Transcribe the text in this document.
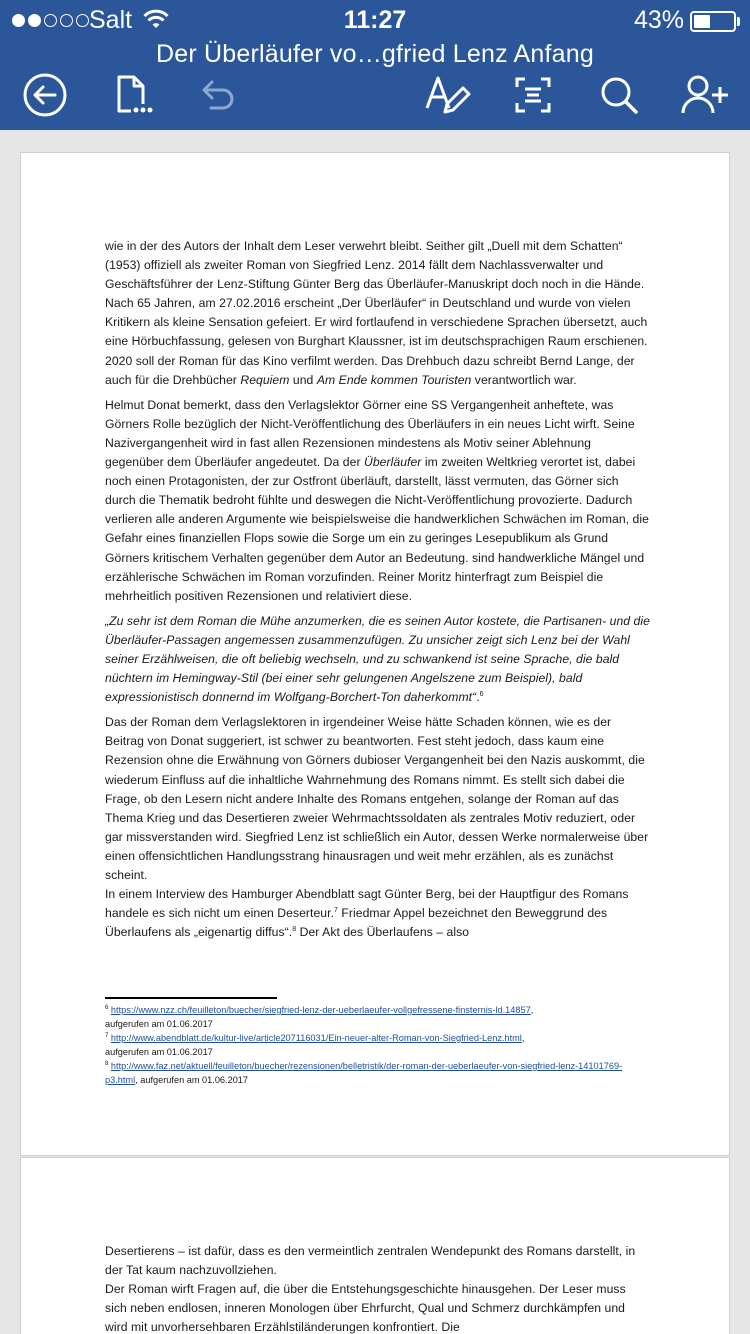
Salt	11:27	43%
Der Überläufer vo…gfried Lenz Anfang

wie in der des Autors der Inhalt dem Leser verwehrt bleibt. Seither gilt „Duell mit dem Schatten“ (1953) offiziell als zweiter Roman von Siegfried Lenz. 2014 fällt dem Nachlassverwalter und Geschäftsführer der Lenz-Stiftung Günter Berg das Überläufer-Manuskript doch noch in die Hände. Nach 65 Jahren, am 27.02.2016 erscheint „Der Überläufer“ in Deutschland und wurde von vielen Kritikern als kleine Sensation gefeiert. Er wird fortlaufend in verschiedene Sprachen übersetzt, auch eine Hörbuchfassung, gelesen von Burghart Klaussner, ist im deutschsprachigen Raum erschienen. 2020 soll der Roman für das Kino verfilmt werden. Das Drehbuch dazu schreibt Bernd Lange, der auch für die Drehbücher Requiem und Am Ende kommen Touristen verantwortlich war.

Helmut Donat bemerkt, dass den Verlagslektor Görner eine SS Vergangenheit anheftete, was Görners Rolle bezüglich der Nicht-Veröffentlichung des Überläufers in ein neues Licht wirft. Seine Nazivergangenheit wird in fast allen Rezensionen mindestens als Motiv seiner Ablehnung gegenüber dem Überläufer angedeutet. Da der Überläufer im zweiten Weltkrieg verortet ist, dabei noch einen Protagonisten, der zur Ostfront überläuft, darstellt, lässt vermuten, das Görner sich durch die Thematik bedroht fühlte und deswegen die Nicht-Veröffentlichung provozierte. Dadurch verlieren alle anderen Argumente wie beispielsweise die handwerklichen Schwächen im Roman, die Gefahr eines finanziellen Flops sowie die Sorge um ein zu geringes Lesepublikum als Grund Görners kritischem Verhalten gegenüber dem Autor an Bedeutung. sind handwerkliche Mängel und erzählerische Schwächen im Roman vorzufinden. Reiner Moritz hinterfragt zum Beispiel die mehrheitlich positiven Rezensionen und relativiert diese.

„Zu sehr ist dem Roman die Mühe anzumerken, die es seinen Autor kostete, die Partisanen- und die Überläufer-Passagen angemessen zusammenzufügen. Zu unsicher zeigt sich Lenz bei der Wahl seiner Erzählweisen, die oft beliebig wechseln, und zu schwankend ist seine Sprache, die bald nüchtern im Hemingway-Stil (bei einer sehr gelungenen Angelszene zum Beispiel), bald expressionistisch donnernd im Wolfgang-Borchert-Ton daherkommt“.$^6$

Das der Roman dem Verlagslektoren in irgendeiner Weise hätte Schaden können, wie es der Beitrag von Donat suggeriert, ist schwer zu beantworten. Fest steht jedoch, dass kaum eine Rezension ohne die Erwähnung von Görners dubioser Vergangenheit bei den Nazis auskommt, die wiederum Einfluss auf die inhaltliche Wahrnehmung des Romans nimmt. Es stellt sich dabei die Frage, ob den Lesern nicht andere Inhalte des Romans entgehen, solange der Roman auf das Thema Krieg und das Desertieren zweier Wehrmachtssoldaten als zentrales Motiv reduziert, oder gar missverstanden wird. Siegfried Lenz ist schließlich ein Autor, dessen Werke normalerweise über einen offensichtlichen Handlungsstrang hinausragen und weit mehr erzählen, als es zunächst scheint.

In einem Interview des Hamburger Abendblatt sagt Günter Berg, bei der Hauptfigur des Romans handele es sich nicht um einen Deserteur.$^7$ Friedmar Appel bezeichnet den Beweggrund des Überlaufens als „eigenartig diffus“.$^8$ Der Akt des Überlaufens – also

$^6$ https://www.nzz.ch/feuilleton/buecher/siegfried-lenz-der-ueberlaeufer-vollgefressene-finsternis-ld.14857,
aufgerufen am 01.06.2017
$^7$ http://www.abendblatt.de/kultur-live/article207116031/Ein-neuer-alter-Roman-von-Siegfried-Lenz.html,
aufgerufen am 01.06.2017
$^8$ http://www.faz.net/aktuell/feuilleton/buecher/rezensionen/belletristik/der-roman-der-ueberlaeufer-von-siegfried-lenz-14101769-p3.html, aufgerufen am 01.06.2017

Desertierens – ist dafür, dass es den vermeintlich zentralen Wendepunkt des Romans darstellt, in der Tat kaum nachzuvollziehen.

Der Roman wirft Fragen auf, die über die Entstehungsgeschichte hinausgehen. Der Leser muss sich neben endlosen, inneren Monologen über Ehrfurcht, Qual und Schmerz durchkämpfen und wird mit unvorhersehbaren Erzählstiländerungen konfrontiert. Die
